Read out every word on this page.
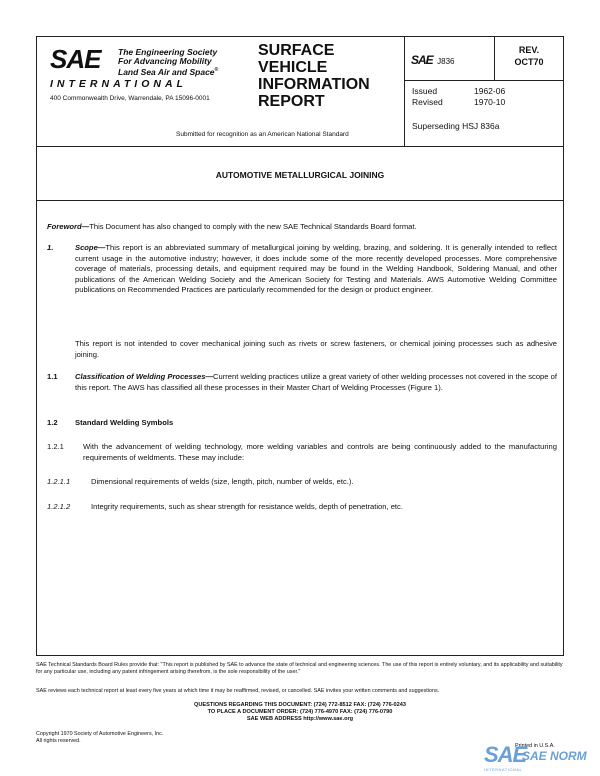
SAE The Engineering Society
For Advancing Mobility
Land Sea Air and Space®
INTERNATIONAL
400 Commonwealth Drive, Warrendale, PA 15096-0001
SURFACE
VEHICLE
INFORMATION
REPORT
Submitted for recognition as an American National Standard
SAE J836
REV.
OCT70
Issued	1962-06
Revised	1970-10
Superseding HSJ 836a
AUTOMOTIVE METALLURGICAL JOINING
Foreword—This Document has also changed to comply with the new SAE Technical Standards Board format.
1.	Scope—This report is an abbreviated summary of metallurgical joining by welding, brazing, and soldering. It is generally intended to reflect current usage in the automotive industry; however, it does include some of the more recently developed processes. More comprehensive coverage of materials, processing details, and equipment required may be found in the Welding Handbook, Soldering Manual, and other publications of the American Welding Society and the American Society for Testing and Materials. AWS Automotive Welding Committee publications on Recommended Practices are particularly recommended for the design or product engineer.
This report is not intended to cover mechanical joining such as rivets or screw fasteners, or chemical joining processes such as adhesive joining.
1.1 Classification of Welding Processes—Current welding practices utilize a great variety of other welding processes not covered in the scope of this report. The AWS has classified all these processes in their Master Chart of Welding Processes (Figure 1).
1.2 Standard Welding Symbols
1.2.1	With the advancement of welding technology, more welding variables and controls are being continuously added to the manufacturing requirements of weldments. These may include:
1.2.1.1	Dimensional requirements of welds (size, length, pitch, number of welds, etc.).
1.2.1.2	Integrity requirements, such as shear strength for resistance welds, depth of penetration, etc.
SAE Technical Standards Board Rules provide that: "This report is published by SAE to advance the state of technical and engineering sciences. The use of this report is entirely voluntary, and its applicability and suitability for any particular use, including any patent infringement arising therefrom, is the sole responsibility of the user."
SAE reviews each technical report at least every five years at which time it may be reaffirmed, revised, or cancelled. SAE invites your written comments and suggestions.
QUESTIONS REGARDING THIS DOCUMENT: (724) 772-8512 FAX: (724) 776-0243
TO PLACE A DOCUMENT ORDER: (724) 776-4970 FAX: (724) 776-0790
SAE WEB ADDRESS http://www.sae.org
Copyright 1970 Society of Automotive Engineers, Inc.
All rights reserved.
Printed in U.S.A.
SAE
SAE NORM
INTERNATIONAL
